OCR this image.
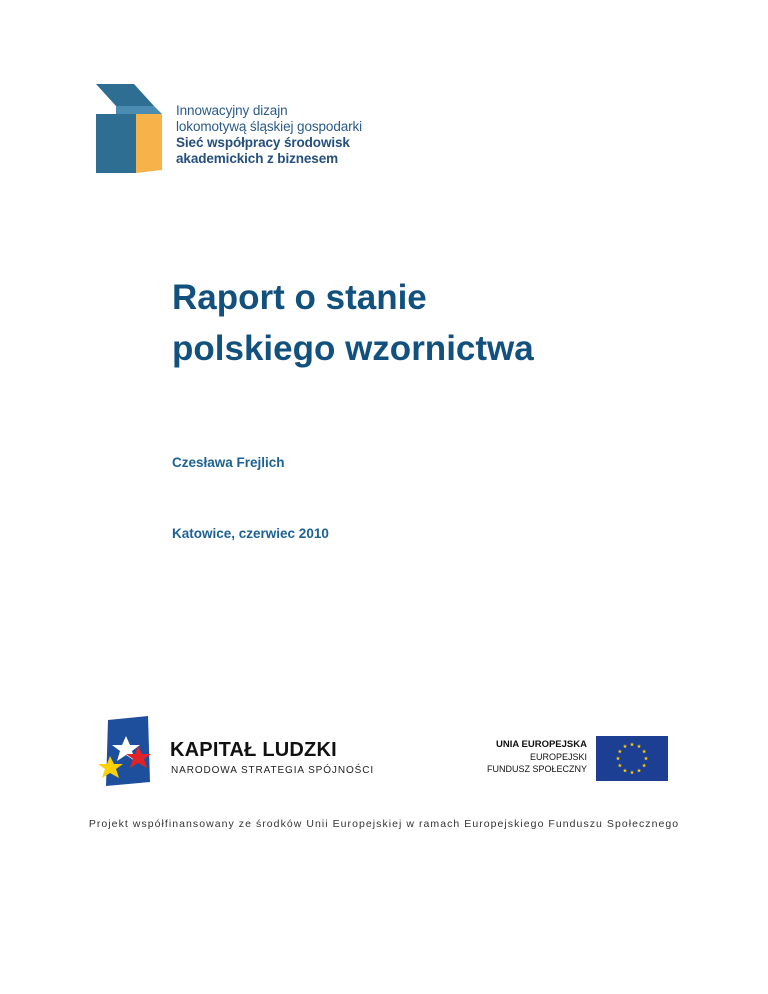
Innowacyjny dizajn
lokomotywą śląskiej gospodarki
Sieć współpracy środowisk
akademickich z biznesem
Raport o stanie
polskiego wzornictwa
Czesława Frejlich
Katowice, czerwiec 2010
KAPITAŁ LUDZKI
NARODOWA STRATEGIA SPÓJNOŚCI
UNIA EUROPEJSKA
EUROPEJSKI
FUNDUSZ SPOŁECZNY
Projekt współfinansowany ze środków Unii Europejskiej w ramach Europejskiego Funduszu Społecznego
